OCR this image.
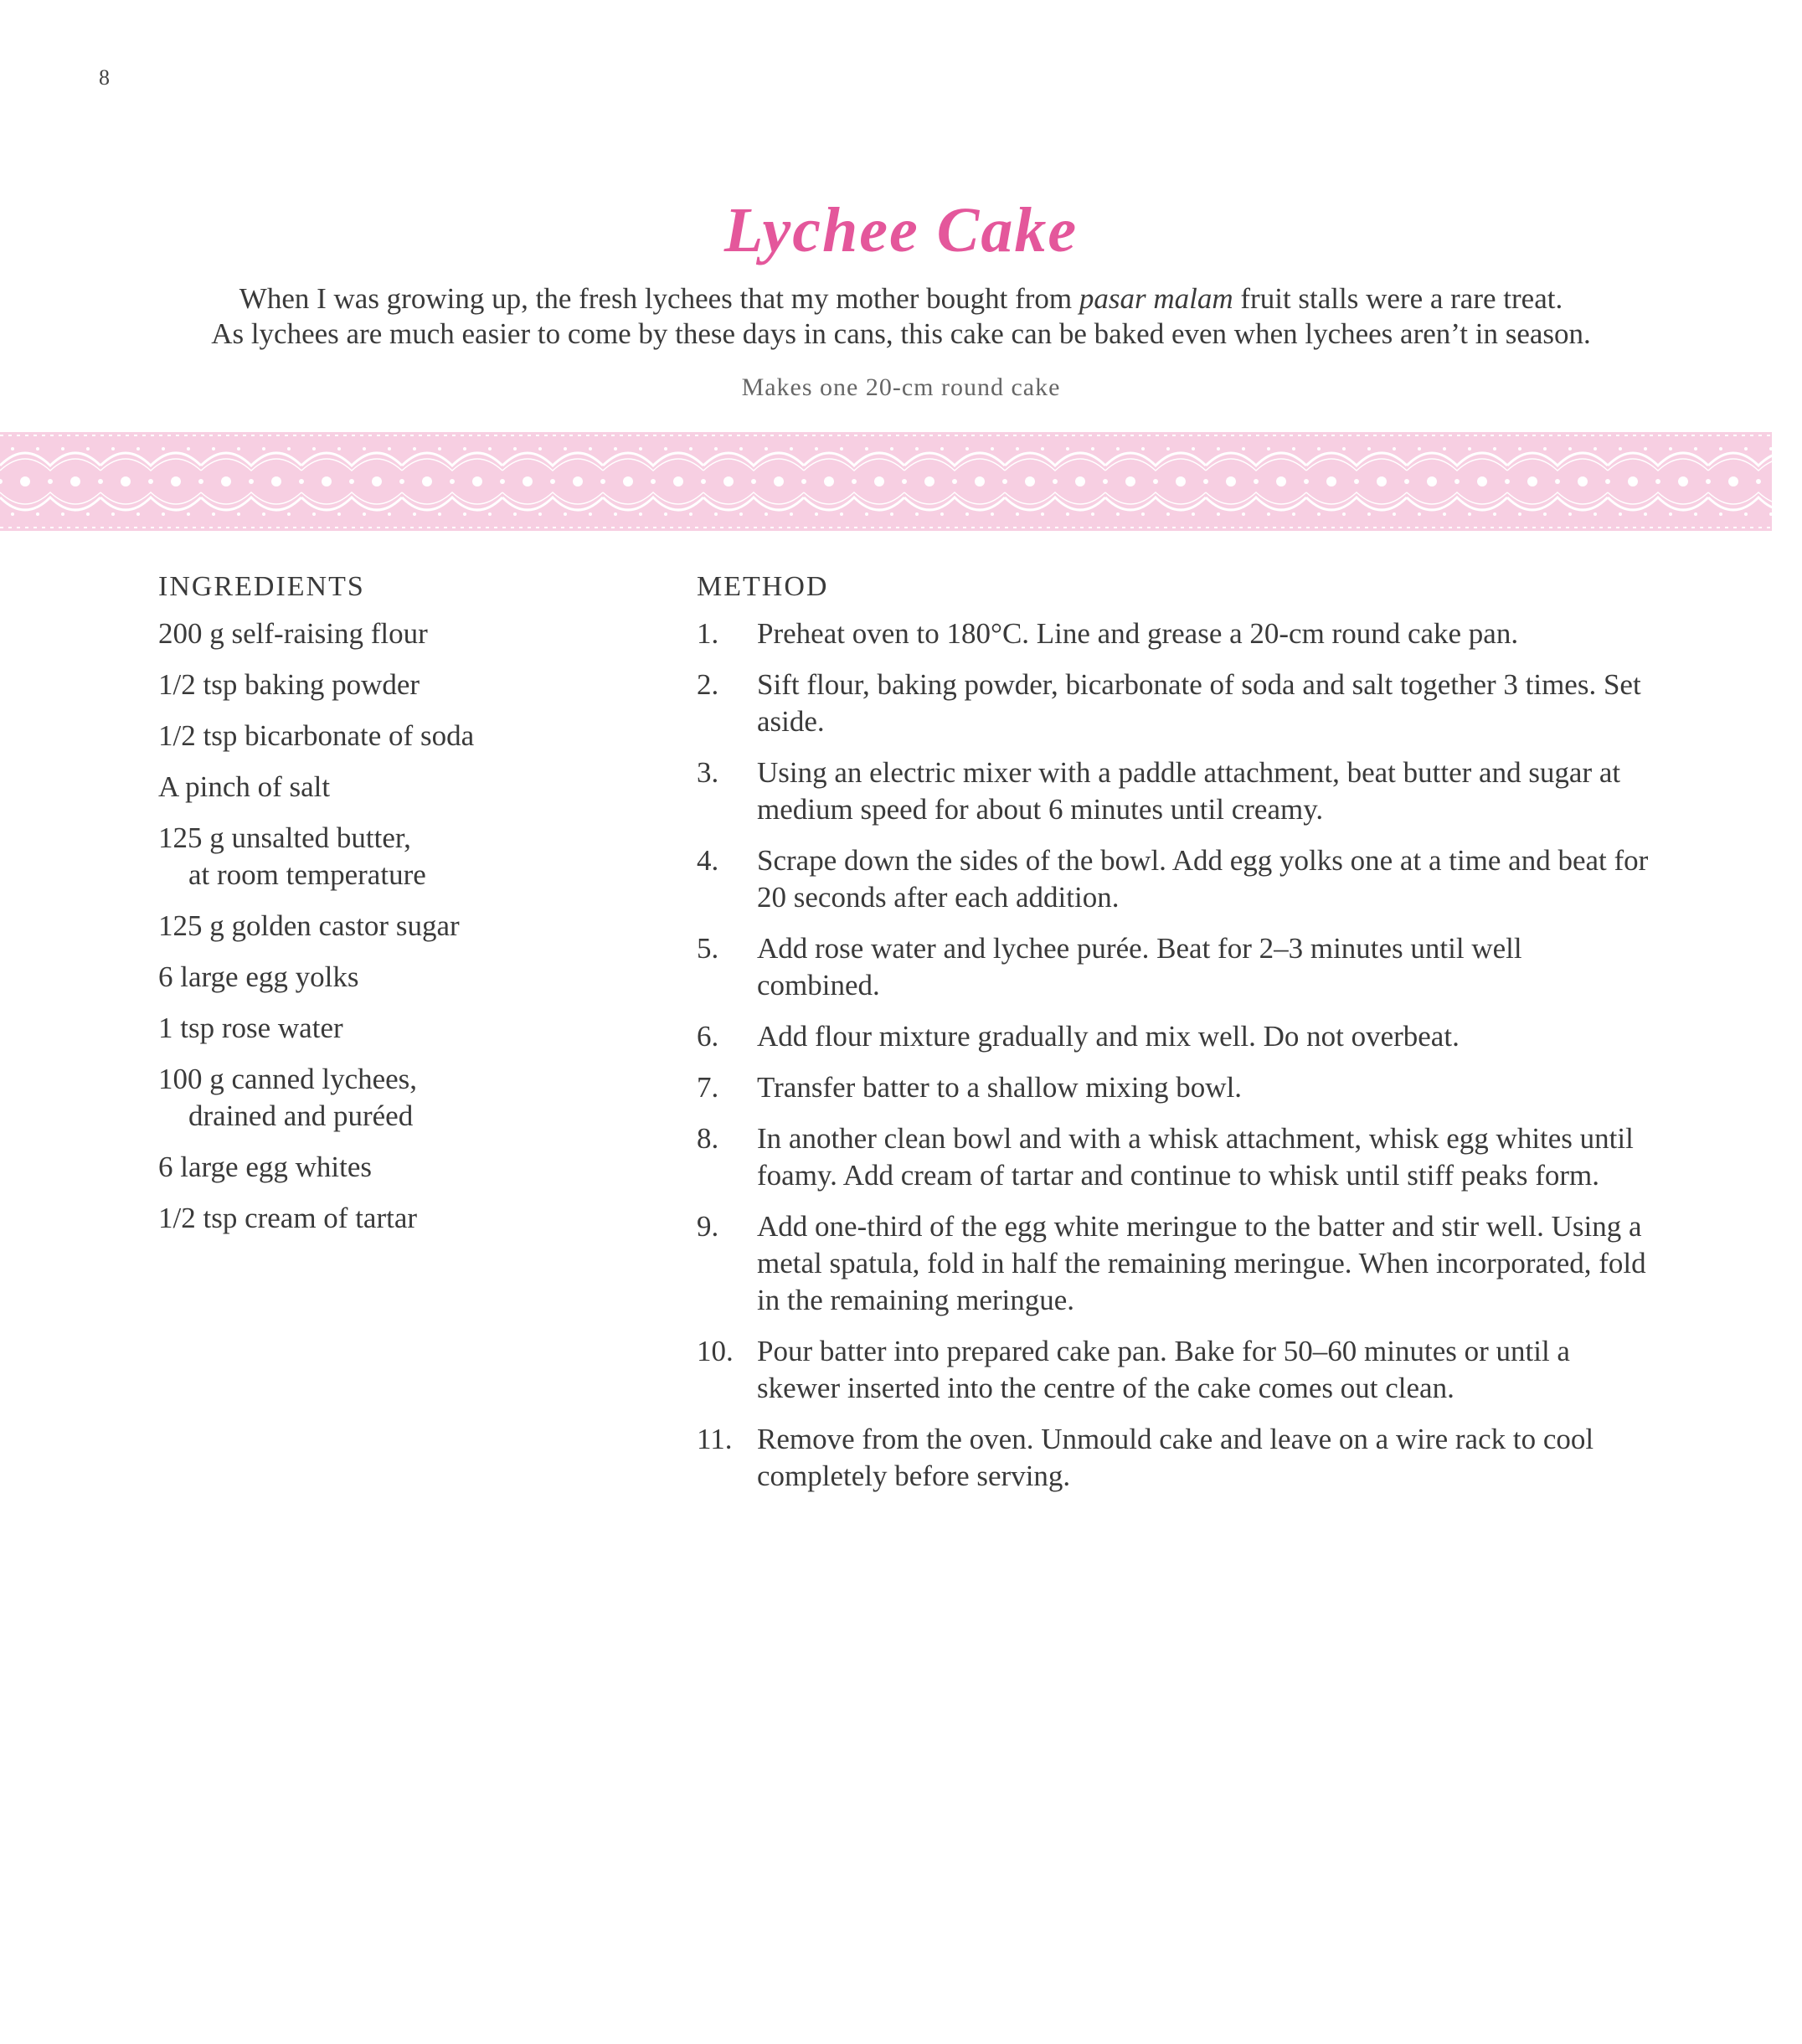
8
Lychee Cake
When I was growing up, the fresh lychees that my mother bought from pasar malam fruit stalls were a rare treat.
As lychees are much easier to come by these days in cans, this cake can be baked even when lychees aren’t in season.
Makes one 20-cm round cake
INGREDIENTS
200 g self-raising flour
1/2 tsp baking powder
1/2 tsp bicarbonate of soda
A pinch of salt
125 g unsalted butter,
at room temperature
125 g golden castor sugar
6 large egg yolks
1 tsp rose water
100 g canned lychees,
drained and puréed
6 large egg whites
1/2 tsp cream of tartar
METHOD
1.	Preheat oven to 180°C. Line and grease a 20-cm round cake pan.
2.	Sift flour, baking powder, bicarbonate of soda and salt together 3 times. Set aside.
3.	Using an electric mixer with a paddle attachment, beat butter and sugar at medium speed for about 6 minutes until creamy.
4.	Scrape down the sides of the bowl. Add egg yolks one at a time and beat for 20 seconds after each addition.
5.	Add rose water and lychee purée. Beat for 2–3 minutes until well combined.
6.	Add flour mixture gradually and mix well. Do not overbeat.
7.	Transfer batter to a shallow mixing bowl.
8.	In another clean bowl and with a whisk attachment, whisk egg whites until foamy. Add cream of tartar and continue to whisk until stiff peaks form.
9.	Add one-third of the egg white meringue to the batter and stir well. Using a metal spatula, fold in half the remaining meringue. When incorporated, fold in the remaining meringue.
10. Pour batter into prepared cake pan. Bake for 50–60 minutes or until a skewer inserted into the centre of the cake comes out clean.
11. Remove from the oven. Unmould cake and leave on a wire rack to cool completely before serving.
